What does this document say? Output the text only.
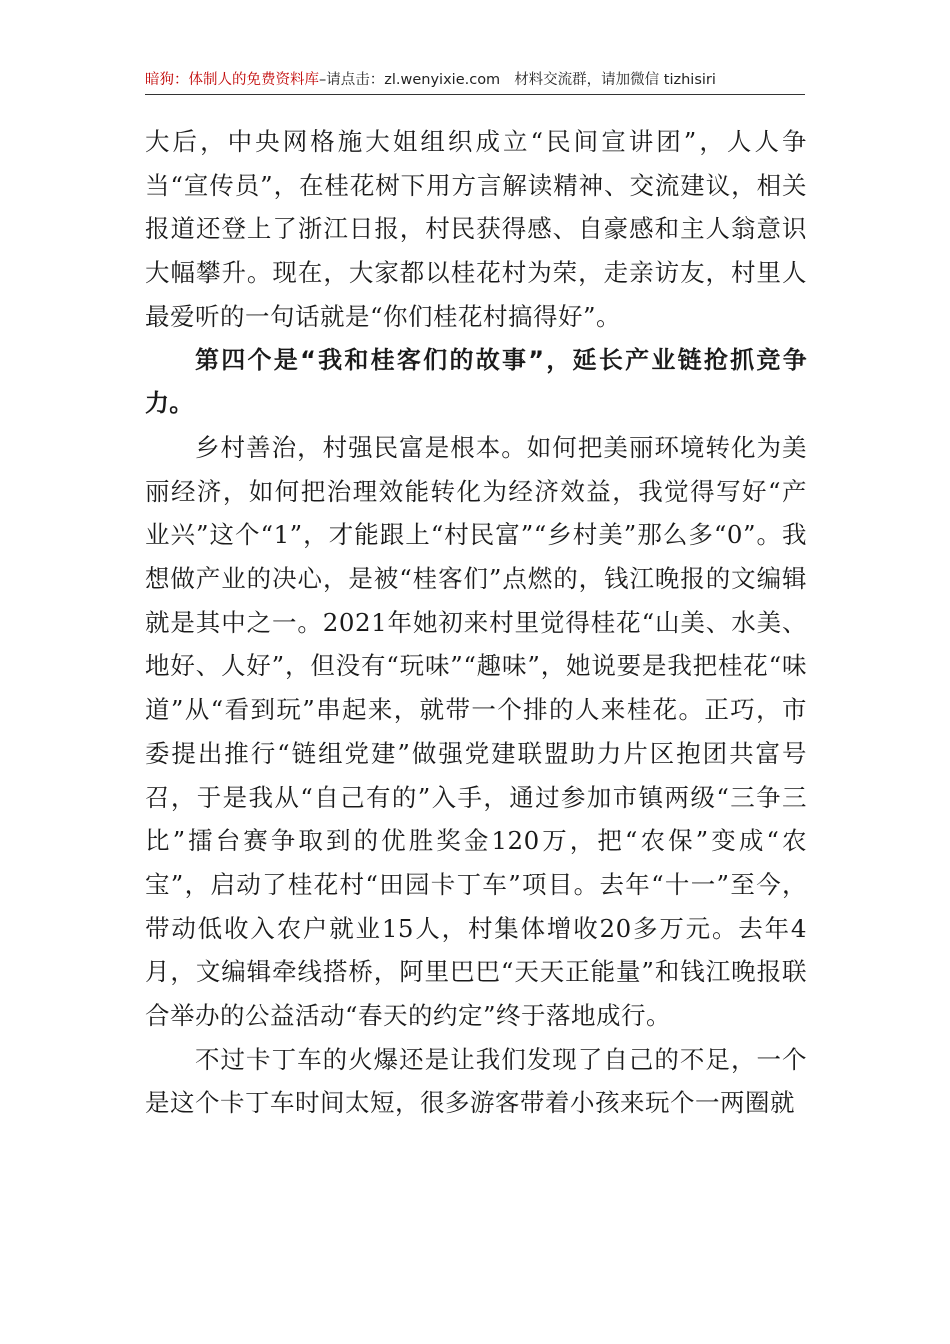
暗狗：体制人的免费资料库–请点击：zl.wenyixie.com 材料交流群，请加微信 tizhisiri

大后，中央网格施大姐组织成立“民间宣讲团”，人人争当“宣传员”，在桂花树下用方言解读精神、交流建议，相关报道还登上了浙江日报，村民获得感、自豪感和主人翁意识大幅攀升。现在，大家都以桂花村为荣，走亲访友，村里人最爱听的一句话就是“你们桂花村搞得好”。

第四个是“我和桂客们的故事”，延长产业链抢抓竞争力。

乡村善治，村强民富是根本。如何把美丽环境转化为美丽经济，如何把治理效能转化为经济效益，我觉得写好“产业兴”这个“1”，才能跟上“村民富”“乡村美”那么多“0”。我想做产业的决心，是被“桂客们”点燃的，钱江晚报的文编辑就是其中之一。2021年她初来村里觉得桂花“山美、水美、地好、人好”，但没有“玩味”“趣味”，她说要是我把桂花“味道”从“看到玩”串起来，就带一个排的人来桂花。正巧，市委提出推行“链组党建”做强党建联盟助力片区抱团共富号召，于是我从“自己有的”入手，通过参加市镇两级“三争三比”擂台赛争取到的优胜奖金120万，把“农保”变成“农宝”，启动了桂花村“田园卡丁车”项目。去年“十一”至今，带动低收入农户就业15人，村集体增收20多万元。去年4月，文编辑牵线搭桥，阿里巴巴“天天正能量”和钱江晚报联合举办的公益活动“春天的约定”终于落地成行。

不过卡丁车的火爆还是让我们发现了自己的不足，一个是这个卡丁车时间太短，很多游客带着小孩来玩个一两圈就
